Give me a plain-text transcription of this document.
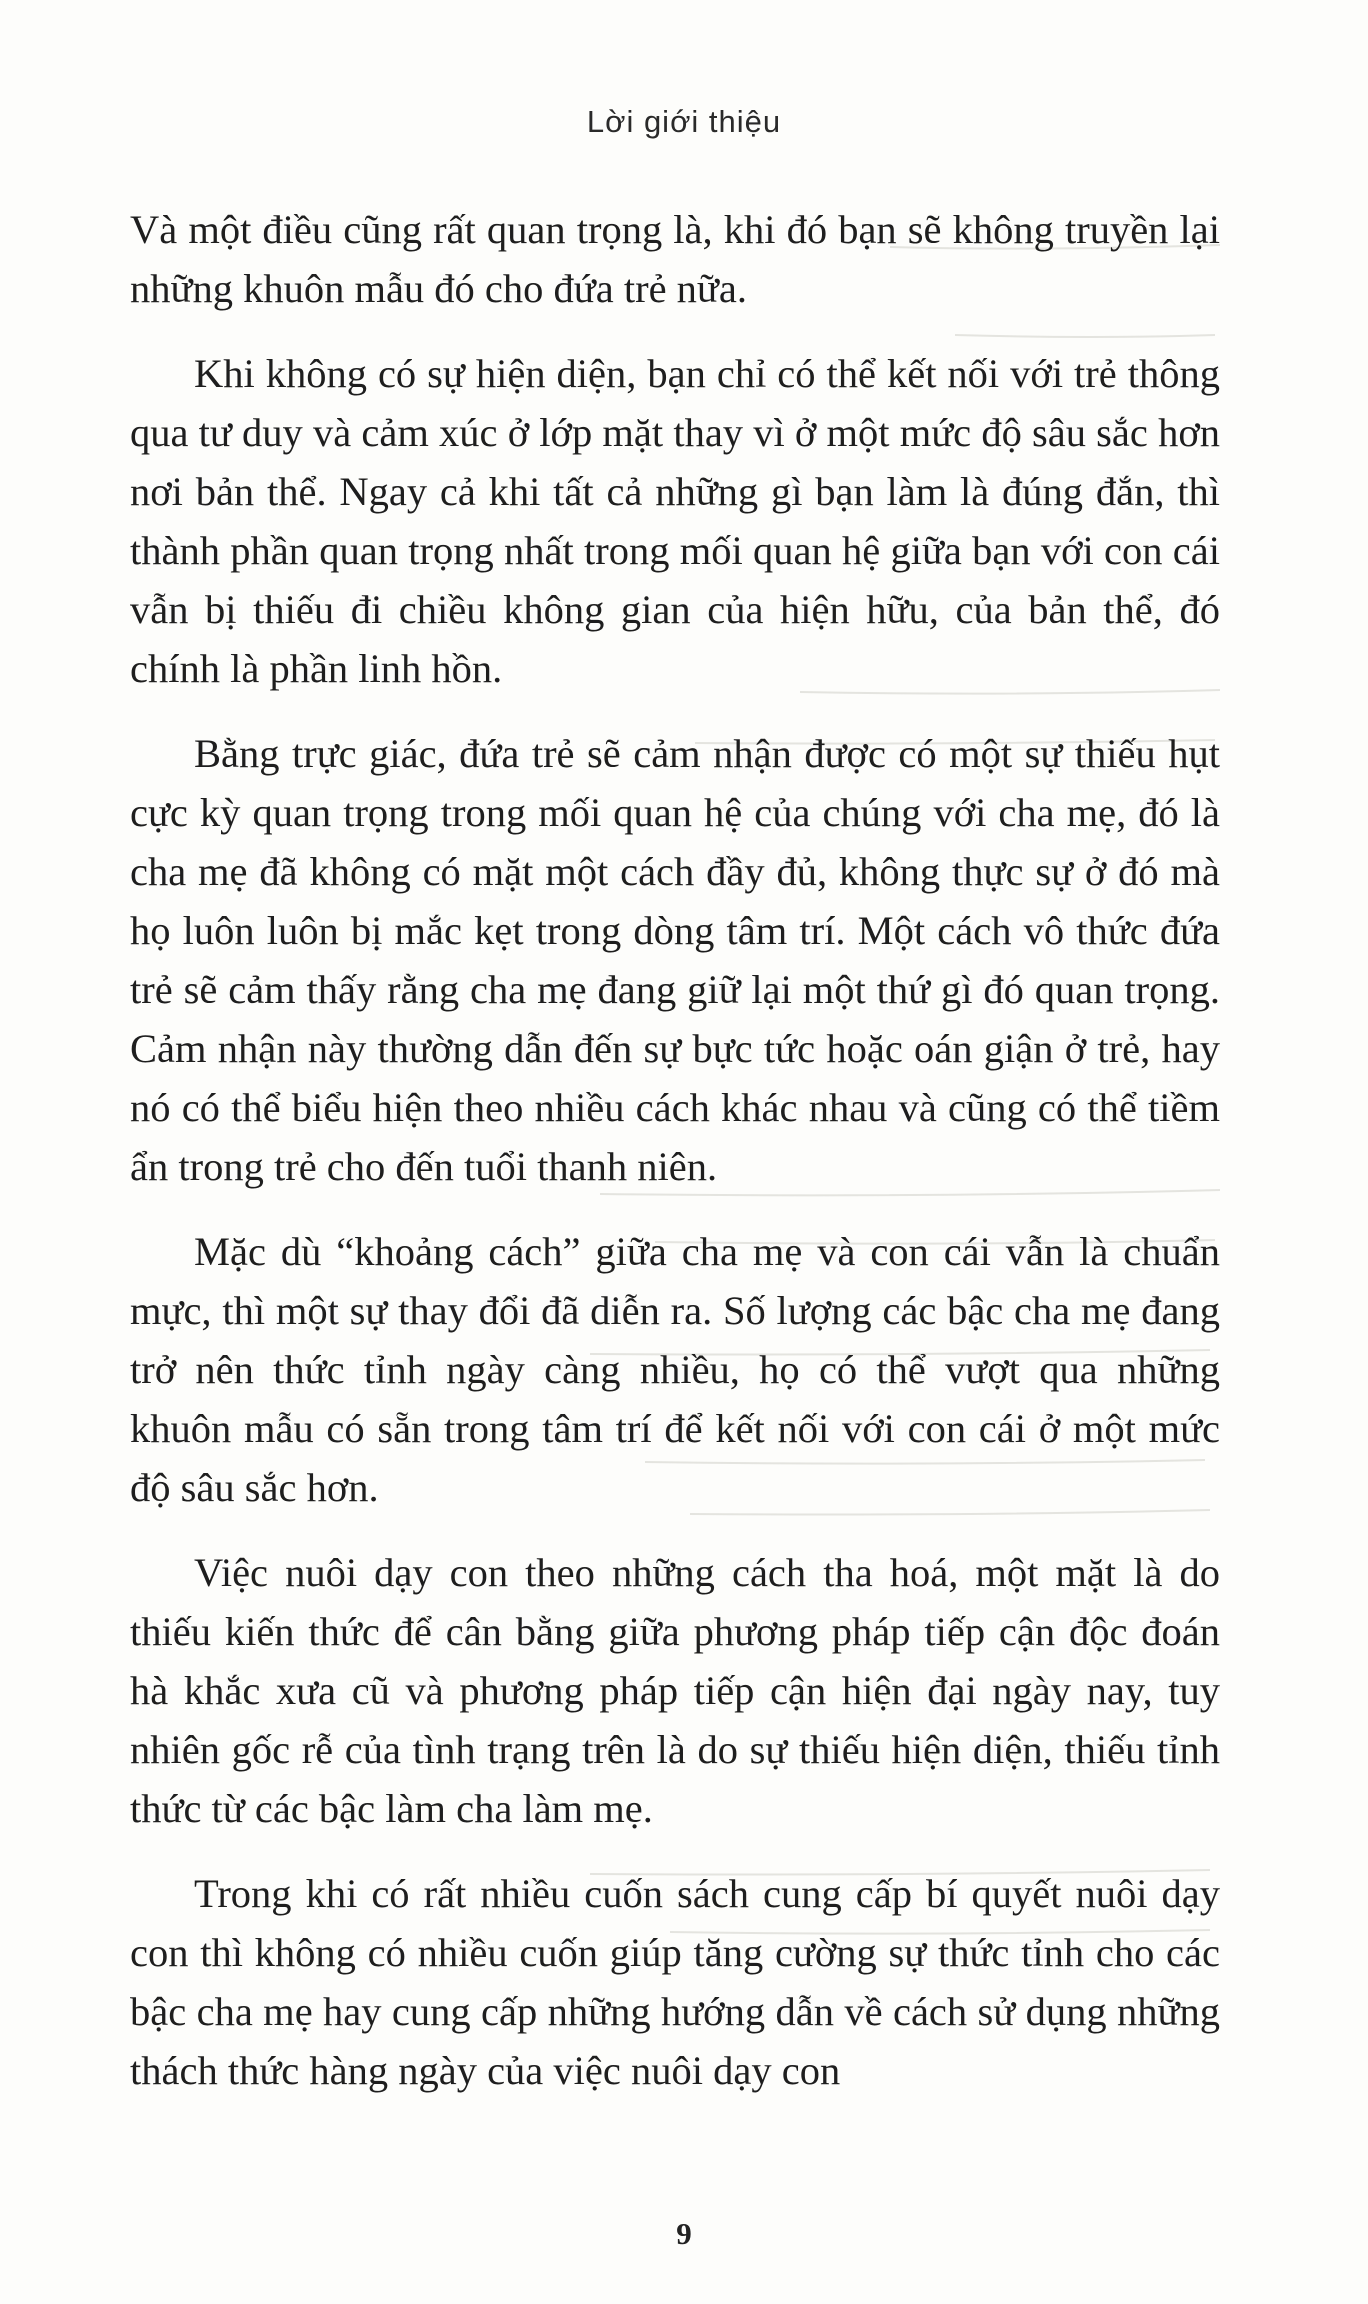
Lời giới thiệu

Và một điều cũng rất quan trọng là, khi đó bạn sẽ không truyền lại những khuôn mẫu đó cho đứa trẻ nữa.

Khi không có sự hiện diện, bạn chỉ có thể kết nối với trẻ thông qua tư duy và cảm xúc ở lớp mặt thay vì ở một mức độ sâu sắc hơn nơi bản thể. Ngay cả khi tất cả những gì bạn làm là đúng đắn, thì thành phần quan trọng nhất trong mối quan hệ giữa bạn với con cái vẫn bị thiếu đi chiều không gian của hiện hữu, của bản thể, đó chính là phần linh hồn.

Bằng trực giác, đứa trẻ sẽ cảm nhận được có một sự thiếu hụt cực kỳ quan trọng trong mối quan hệ của chúng với cha mẹ, đó là cha mẹ đã không có mặt một cách đầy đủ, không thực sự ở đó mà họ luôn luôn bị mắc kẹt trong dòng tâm trí. Một cách vô thức đứa trẻ sẽ cảm thấy rằng cha mẹ đang giữ lại một thứ gì đó quan trọng. Cảm nhận này thường dẫn đến sự bực tức hoặc oán giận ở trẻ, hay nó có thể biểu hiện theo nhiều cách khác nhau và cũng có thể tiềm ẩn trong trẻ cho đến tuổi thanh niên.

Mặc dù “khoảng cách” giữa cha mẹ và con cái vẫn là chuẩn mực, thì một sự thay đổi đã diễn ra. Số lượng các bậc cha mẹ đang trở nên thức tỉnh ngày càng nhiều, họ có thể vượt qua những khuôn mẫu có sẵn trong tâm trí để kết nối với con cái ở một mức độ sâu sắc hơn.

Việc nuôi dạy con theo những cách tha hoá, một mặt là do thiếu kiến thức để cân bằng giữa phương pháp tiếp cận độc đoán hà khắc xưa cũ và phương pháp tiếp cận hiện đại ngày nay, tuy nhiên gốc rễ của tình trạng trên là do sự thiếu hiện diện, thiếu tỉnh thức từ các bậc làm cha làm mẹ.

Trong khi có rất nhiều cuốn sách cung cấp bí quyết nuôi dạy con thì không có nhiều cuốn giúp tăng cường sự thức tỉnh cho các bậc cha mẹ hay cung cấp những hướng dẫn về cách sử dụng những thách thức hàng ngày của việc nuôi dạy con

9
